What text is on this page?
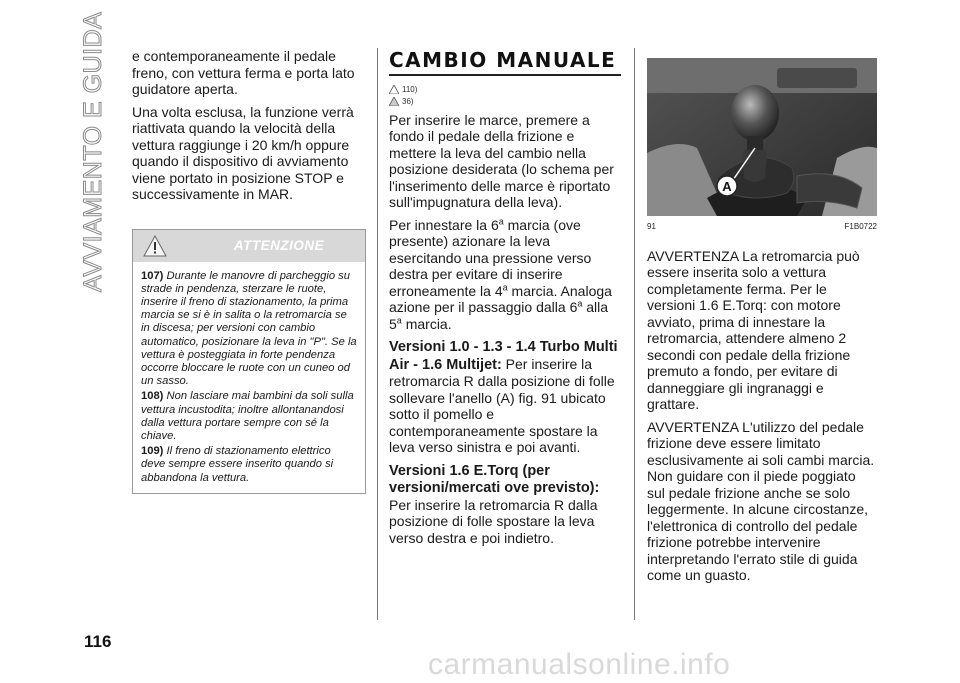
AVVIAMENTO E GUIDA e contemporaneamente il pedale freno, con vettura ferma e porta lato guidatore aperta.

Una volta esclusa, la funzione verrà riattivata quando la velocità della vettura raggiunge i 20 km/h oppure quando il dispositivo di avviamento viene portato in posizione STOP e successivamente in MAR.

ATTENZIONE

107) Durante le manovre di parcheggio su strade in pendenza, sterzare le ruote, inserire il freno di stazionamento, la prima marcia se si è in salita o la retromarcia se in discesa; per versioni con cambio automatico, posizionare la leva in "P". Se la vettura è posteggiata in forte pendenza occorre bloccare le ruote con un cuneo od un sasso.

108) Non lasciare mai bambini da soli sulla vettura incustodita; inoltre allontanandosi dalla vettura portare sempre con sé la chiave.

109) Il freno di stazionamento elettrico deve sempre essere inserito quando si abbandona la vettura.

CAMBIO MANUALE
110)
36)

Per inserire le marce, premere a fondo il pedale della frizione e mettere la leva del cambio nella posizione desiderata (lo schema per l'inserimento delle marce è riportato sull'impugnatura della leva).

Per innestare la 6$^a$ marcia (ove presente) azionare la leva esercitando una pressione verso destra per evitare di inserire erroneamente la 4$^a$ marcia. Analoga azione per il passaggio dalla 6$^a$ alla 5$^a$ marcia.

Versioni 1.0 - 1.3 - 1.4 Turbo Multi Air - 1.6 Multijet: Per inserire la retromarcia R dalla posizione di folle sollevare l'anello (A) fig. 91 ubicato sotto il pomello e contemporaneamente spostare la leva verso sinistra e poi avanti.

Versioni 1.6 E.Torq (per versioni/mercati ove previsto): Per inserire la retromarcia R dalla posizione di folle spostare la leva verso destra e poi indietro.

A
91	F1B0722

AVVERTENZA La retromarcia può essere inserita solo a vettura completamente ferma. Per le versioni 1.6 E.Torq: con motore avviato, prima di innestare la retromarcia, attendere almeno 2 secondi con pedale della frizione premuto a fondo, per evitare di danneggiare gli ingranaggi e grattare.

AVVERTENZA L'utilizzo del pedale frizione deve essere limitato esclusivamente ai soli cambi marcia. Non guidare con il piede poggiato sul pedale frizione anche se solo leggermente. In alcune circostanze, l'elettronica di controllo del pedale frizione potrebbe intervenire interpretando l'errato stile di guida come un guasto.

116
carmanualsonline.info
